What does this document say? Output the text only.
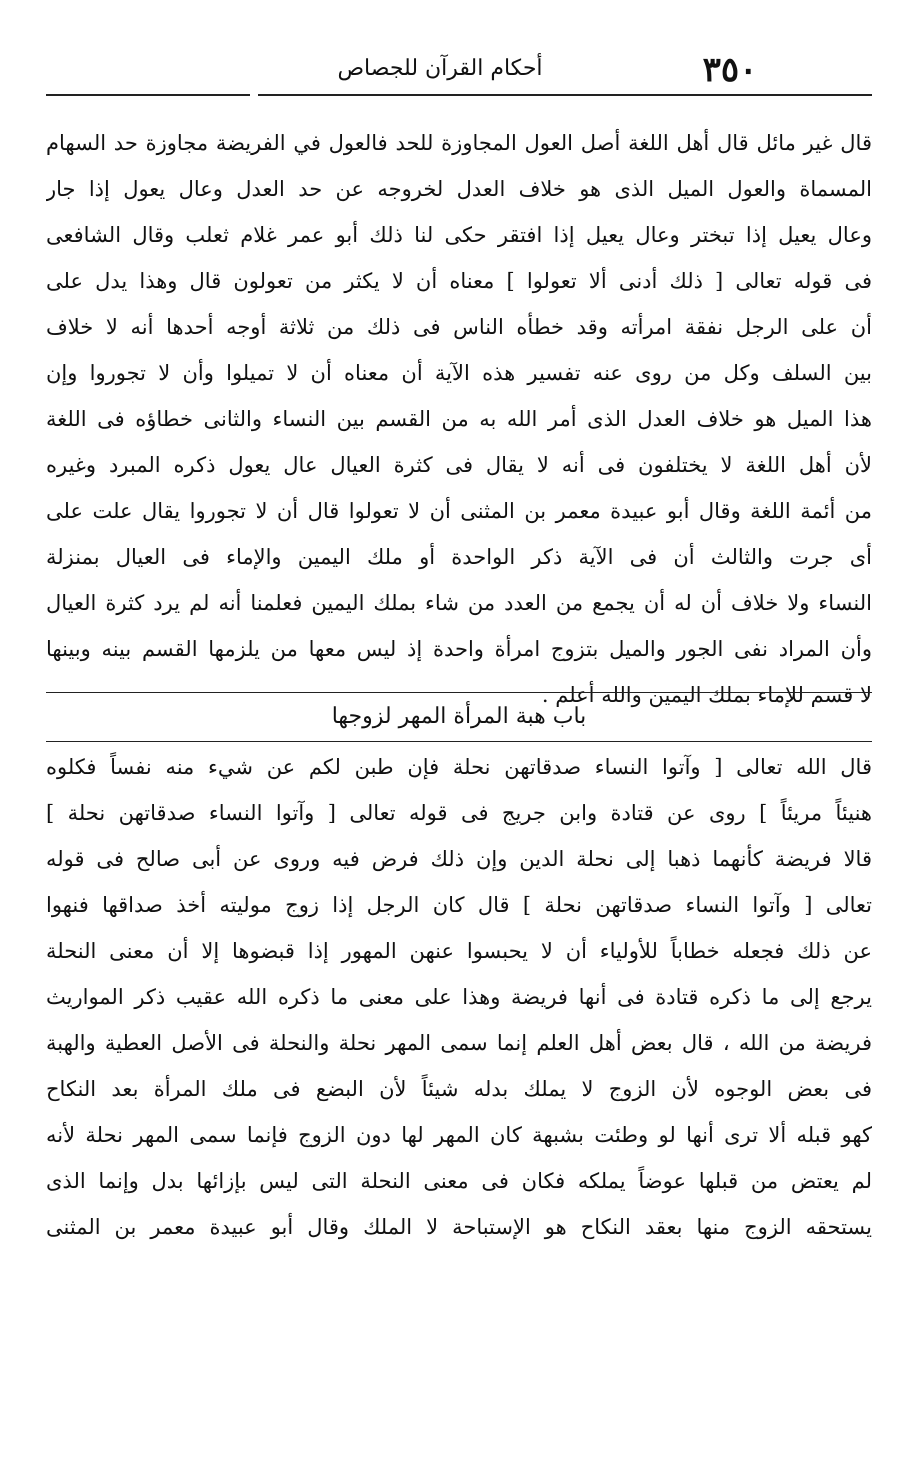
أحكام القرآن للجصاص	٣٥٠
قال غير مائل قال أهل اللغة أصل العول المجاوزة للحد فالعول في الفريضة مجاوزة حد السهام
المسماة والعول الميل الذى هو خلاف العدل لخروجه عن حد العدل وعال يعول إذا جار
وعال يعيل إذا تبختر وعال يعيل إذا افتقر حكى لنا ذلك أبو عمر غلام ثعلب وقال الشافعى
فى قوله تعالى [ ذلك أدنى ألا تعولوا ] معناه أن لا يكثر من تعولون قال وهذا يدل على
أن على الرجل نفقة امرأته وقد خطأه الناس فى ذلك من ثلاثة أوجه أحدها أنه لا خلاف
بين السلف وكل من روى عنه تفسير هذه الآية أن معناه أن لا تميلوا وأن لا تجوروا وإن
هذا الميل هو خلاف العدل الذى أمر الله به من القسم بين النساء والثانى خطاؤه فى اللغة
لأن أهل اللغة لا يختلفون فى أنه لا يقال فى كثرة العيال عال يعول ذكره المبرد وغيره
من أئمة اللغة وقال أبو عبيدة معمر بن المثنى أن لا تعولوا قال أن لا تجوروا يقال علت على
أى جرت والثالث أن فى الآية ذكر الواحدة أو ملك اليمين والإماء فى العيال بمنزلة
النساء ولا خلاف أن له أن يجمع من العدد من شاء بملك اليمين فعلمنا أنه لم يرد كثرة العيال
وأن المراد نفى الجور والميل بتزوج امرأة واحدة إذ ليس معها من يلزمها القسم بينه وبينها
لا قسم للإماء بملك اليمين والله أعلم .
باب هبة المرأة المهر لزوجها
قال الله تعالى [ وآتوا النساء صدقاتهن نحلة فإن طبن لكم عن شيء منه نفساً فكلوه
هنيئاً مريئاً ] روى عن قتادة وابن جريج فى قوله تعالى [ وآتوا النساء صدقاتهن نحلة ]
قالا فريضة كأنهما ذهبا إلى نحلة الدين وإن ذلك فرض فيه وروى عن أبى صالح فى قوله
تعالى [ وآتوا النساء صدقاتهن نحلة ] قال كان الرجل إذا زوج موليته أخذ صداقها فنهوا
عن ذلك فجعله خطاباً للأولياء أن لا يحبسوا عنهن المهور إذا قبضوها إلا أن معنى النحلة
يرجع إلى ما ذكره قتادة فى أنها فريضة وهذا على معنى ما ذكره الله عقيب ذكر المواريث
فريضة من الله ، قال بعض أهل العلم إنما سمى المهر نحلة والنحلة فى الأصل العطية والهبة
فى بعض الوجوه لأن الزوج لا يملك بدله شيئاً لأن البضع فى ملك المرأة بعد النكاح
كهو قبله ألا ترى أنها لو وطئت بشبهة كان المهر لها دون الزوج فإنما سمى المهر نحلة لأنه
لم يعتض من قبلها عوضاً يملكه فكان فى معنى النحلة التى ليس بإزائها بدل وإنما الذى
يستحقه الزوج منها بعقد النكاح هو الإستباحة لا الملك وقال أبو عبيدة معمر بن المثنى
